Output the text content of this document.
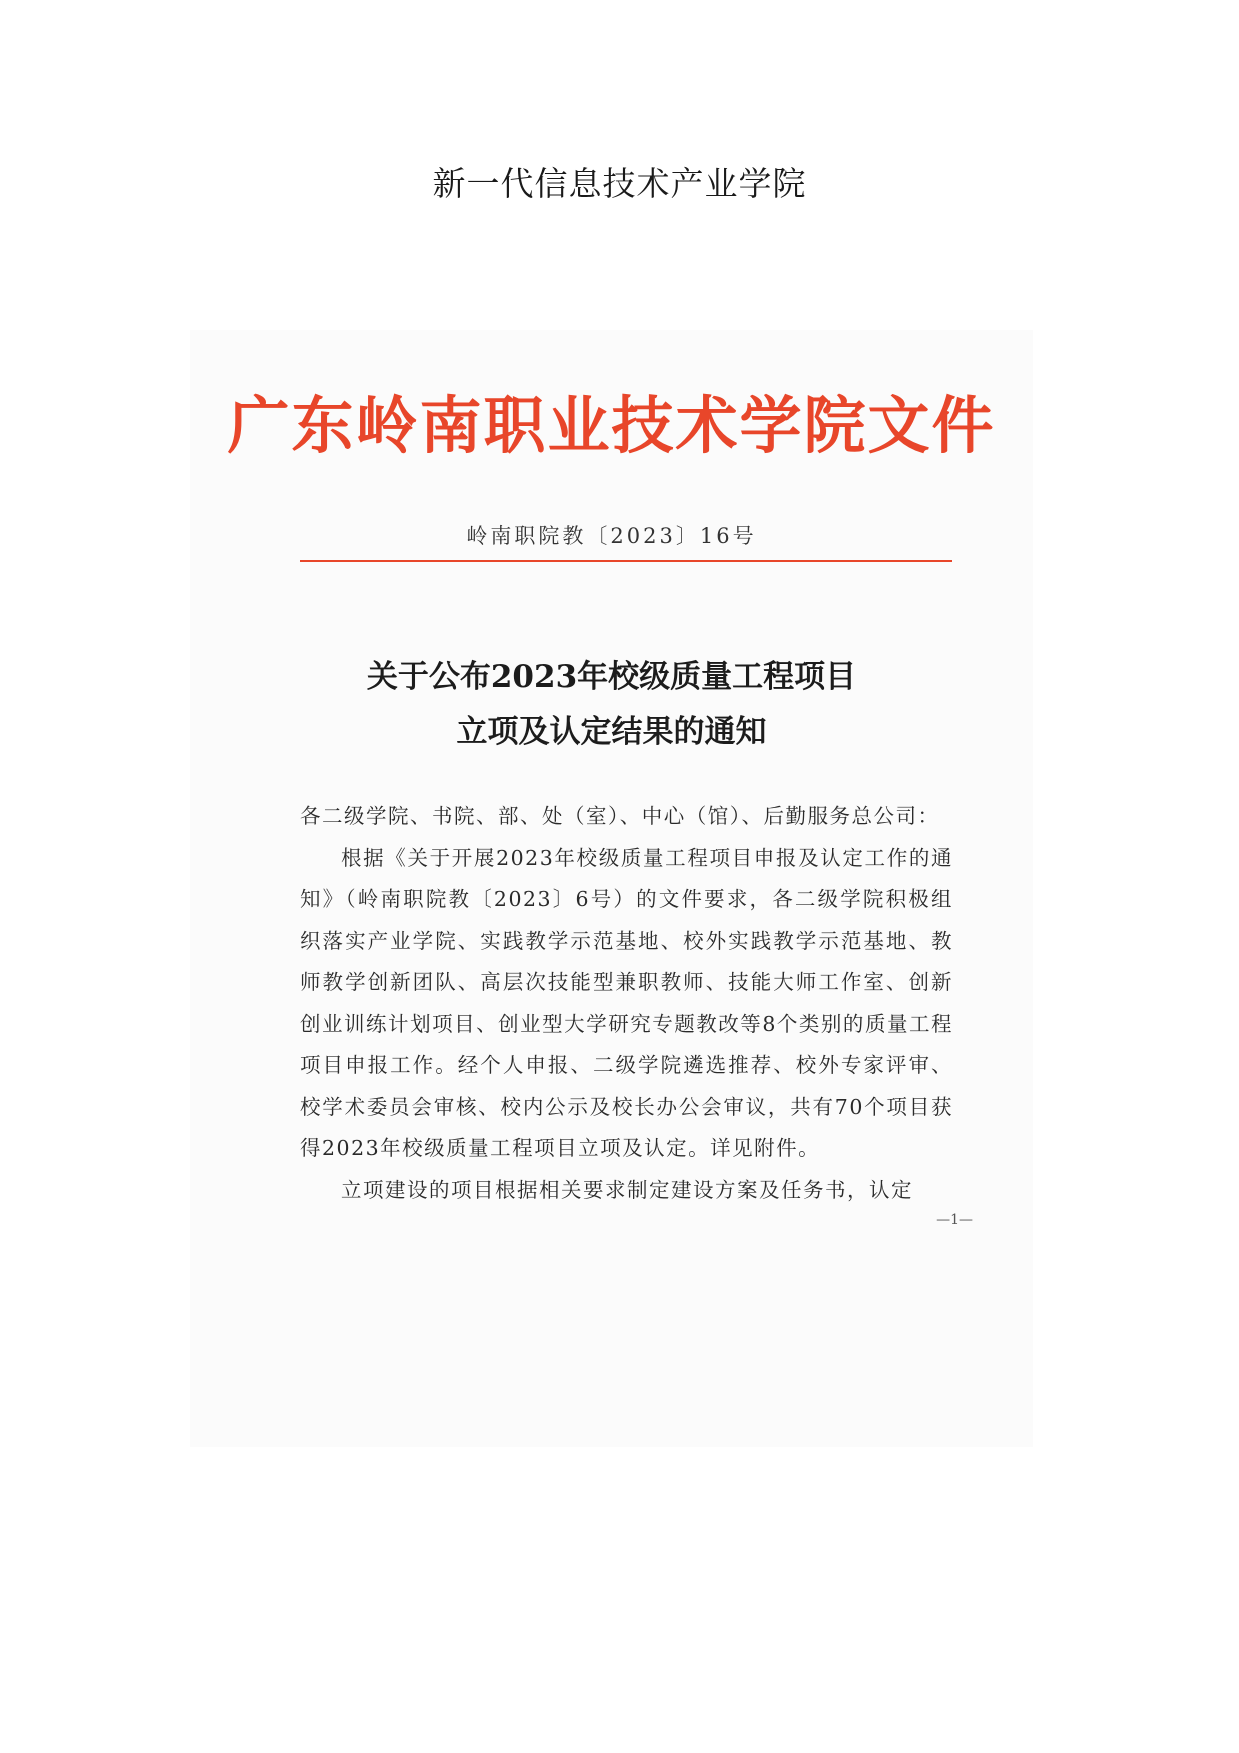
新一代信息技术产业学院
广东岭南职业技术学院文件
岭南职院教〔2023〕16号
关于公布2023年校级质量工程项目
立项及认定结果的通知

各二级学院、书院、部、处（室）、中心（馆）、后勤服务总公司：

根据《关于开展2023年校级质量工程项目申报及认定工作的通知》（岭南职院教〔2023〕6号）的文件要求，各二级学院积极组织落实产业学院、实践教学示范基地、校外实践教学示范基地、教师教学创新团队、高层次技能型兼职教师、技能大师工作室、创新创业训练计划项目、创业型大学研究专题教改等8个类别的质量工程项目申报工作。经个人申报、二级学院遴选推荐、校外专家评审、校学术委员会审核、校内公示及校长办公会审议，共有70个项目获得2023年校级质量工程项目立项及认定。详见附件。

立项建设的项目根据相关要求制定建设方案及任务书，认定

—1—
